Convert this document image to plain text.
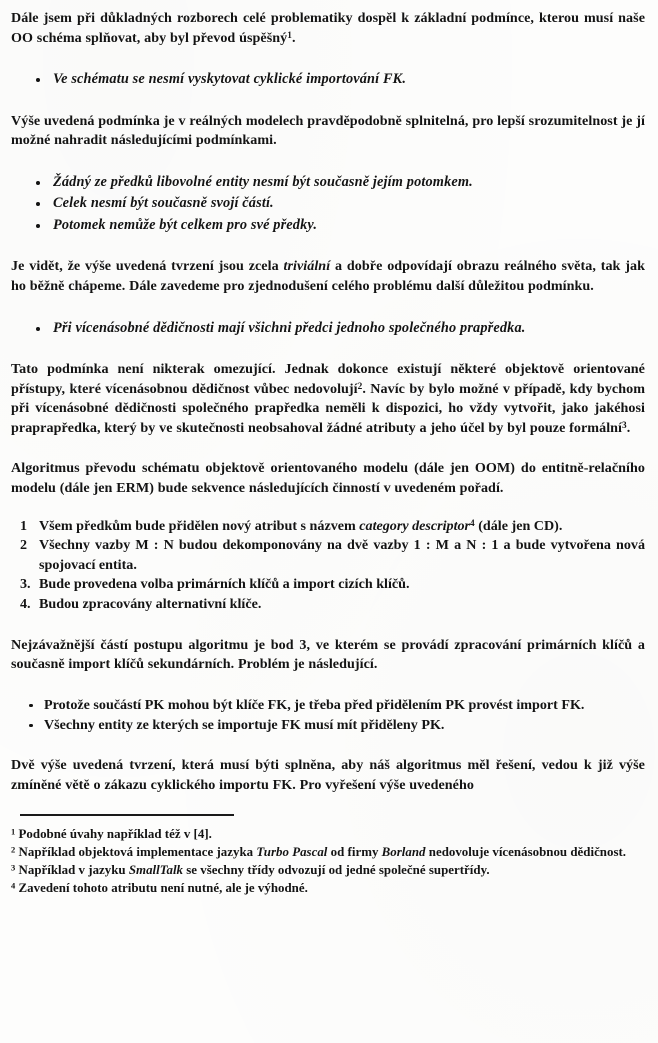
Dále jsem při důkladných rozborech celé problematiky dospěl k základní podmínce, kterou musí naše OO schéma splňovat, aby byl převod úspěšný$^1$.

Ve schématu se nesmí vyskytovat cyklické importování FK.

Výše uvedená podmínka je v reálných modelech pravděpodobně splnitelná, pro lepší srozumitelnost je jí možné nahradit následujícími podmínkami.

Žádný ze předků libovolné entity nesmí být současně jejím potomkem.
Celek nesmí být současně svojí částí.
Potomek nemůže být celkem pro své předky.

Je vidět, že výše uvedená tvrzení jsou zcela triviální a dobře odpovídají obrazu reálného světa, tak jak ho běžně chápeme. Dále zavedeme pro zjednodušení celého problému další důležitou podmínku.

Při vícenásobné dědičnosti mají všichni předci jednoho společného prapředka.

Tato podmínka není nikterak omezující. Jednak dokonce existují některé objektově orientované přístupy, které vícenásobnou dědičnost vůbec nedovolují$^2$. Navíc by bylo možné v případě, kdy bychom při vícenásobné dědičnosti společného prapředka neměli k dispozici, ho vždy vytvořit, jako jakéhosi praprapředka, který by ve skutečnosti neobsahoval žádné atributy a jeho účel by byl pouze formální$^3$.

Algoritmus převodu schématu objektově orientovaného modelu (dále jen OOM) do entitně-relačního modelu (dále jen ERM) bude sekvence následujících činností v uvedeném pořadí.

1 Všem předkům bude přidělen nový atribut s názvem category descriptor$^4$ (dále jen CD).
2 Všechny vazby M : N budou dekomponovány na dvě vazby 1 : M a N : 1 a bude vytvořena nová spojovací entita.
3. Bude provedena volba primárních klíčů a import cizích klíčů.
4. Budou zpracovány alternativní klíče.

Nejzávažnější částí postupu algoritmu je bod 3, ve kterém se provádí zpracování primárních klíčů a současně import klíčů sekundárních. Problém je následující.

Protože součástí PK mohou být klíče FK, je třeba před přidělením PK provést import FK.
Všechny entity ze kterých se importuje FK musí mít přiděleny PK.

Dvě výše uvedená tvrzení, která musí býti splněna, aby náš algoritmus měl řešení, vedou k již výše zmíněné větě o zákazu cyklického importu FK. Pro vyřešení výše uvedeného

$^1$ Podobné úvahy například též v [4].

$^2$ Například objektová implementace jazyka Turbo Pascal od firmy Borland nedovoluje vícenásobnou dědičnost.

$^3$ Například v jazyku SmallTalk se všechny třídy odvozují od jedné společné supertřídy.

$^4$ Zavedení tohoto atributu není nutné, ale je výhodné.
